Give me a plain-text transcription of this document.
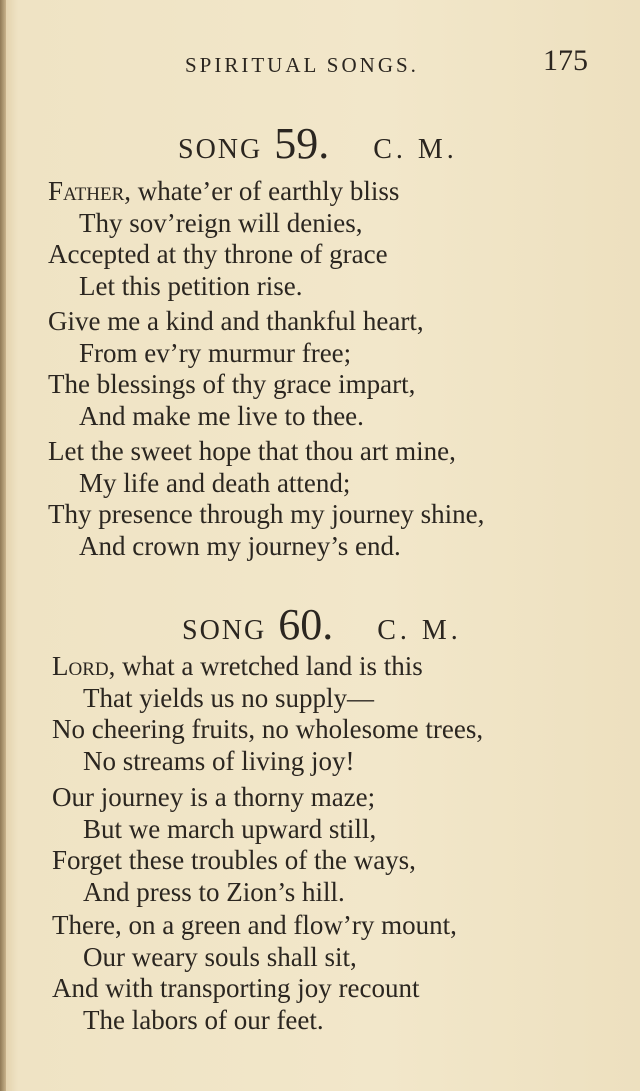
SPIRITUAL SONGS.	175
SONG 59. C. M.
Father, whate’er of earthly bliss
Thy sov’reign will denies,
Accepted at thy throne of grace
Let this petition rise.
Give me a kind and thankful heart,
From ev’ry murmur free;
The blessings of thy grace impart,
And make me live to thee.
Let the sweet hope that thou art mine,
My life and death attend;
Thy presence through my journey shine,
And crown my journey’s end.
SONG 60. C. M.
Lord, what a wretched land is this
That yields us no supply—
No cheering fruits, no wholesome trees,
No streams of living joy!
Our journey is a thorny maze;
But we march upward still,
Forget these troubles of the ways,
And press to Zion’s hill.
There, on a green and flow’ry mount,
Our weary souls shall sit,
And with transporting joy recount
The labors of our feet.
